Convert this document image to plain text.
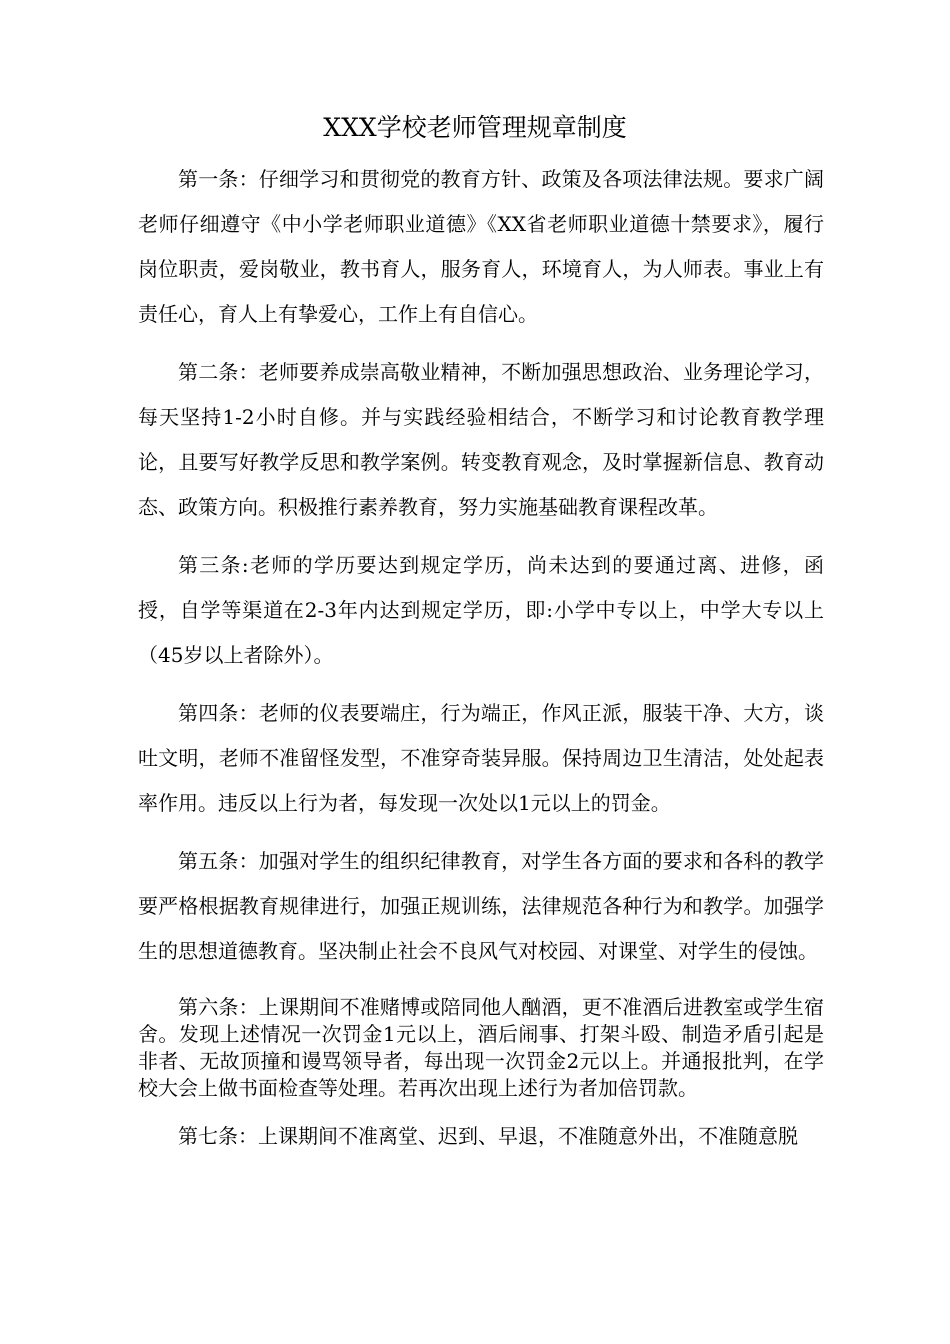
XXX学校老师管理规章制度

第一条：仔细学习和贯彻党的教育方针、政策及各项法律法规。要求广阔老师仔细遵守《中小学老师职业道德》《XX省老师职业道德十禁要求》，履行岗位职责，爱岗敬业，教书育人，服务育人，环境育人，为人师表。事业上有责任心，育人上有挚爱心，工作上有自信心。

第二条：老师要养成崇高敬业精神，不断加强思想政治、业务理论学习，每天坚持1-2小时自修。并与实践经验相结合，不断学习和讨论教育教学理论，且要写好教学反思和教学案例。转变教育观念，及时掌握新信息、教育动态、政策方向。积极推行素养教育，努力实施基础教育课程改革。

第三条:老师的学历要达到规定学历，尚未达到的要通过离、进修，函授，自学等渠道在2-3年内达到规定学历，即:小学中专以上，中学大专以上（45岁以上者除外）。

第四条：老师的仪表要端庄，行为端正，作风正派，服装干净、大方，谈吐文明，老师不准留怪发型，不准穿奇装异服。保持周边卫生清洁，处处起表率作用。违反以上行为者，每发现一次处以1元以上的罚金。

第五条：加强对学生的组织纪律教育，对学生各方面的要求和各科的教学要严格根据教育规律进行，加强正规训练，法律规范各种行为和教学。加强学生的思想道德教育。坚决制止社会不良风气对校园、对课堂、对学生的侵蚀。

第六条：上课期间不准赌博或陪同他人酗酒，更不准酒后进教室或学生宿舍。发现上述情况一次罚金1元以上，酒后闹事、打架斗殴、制造矛盾引起是非者、无故顶撞和谩骂领导者，每出现一次罚金2元以上。并通报批判，在学校大会上做书面检查等处理。若再次出现上述行为者加倍罚款。

第七条：上课期间不准离堂、迟到、早退，不准随意外出，不准随意脱
